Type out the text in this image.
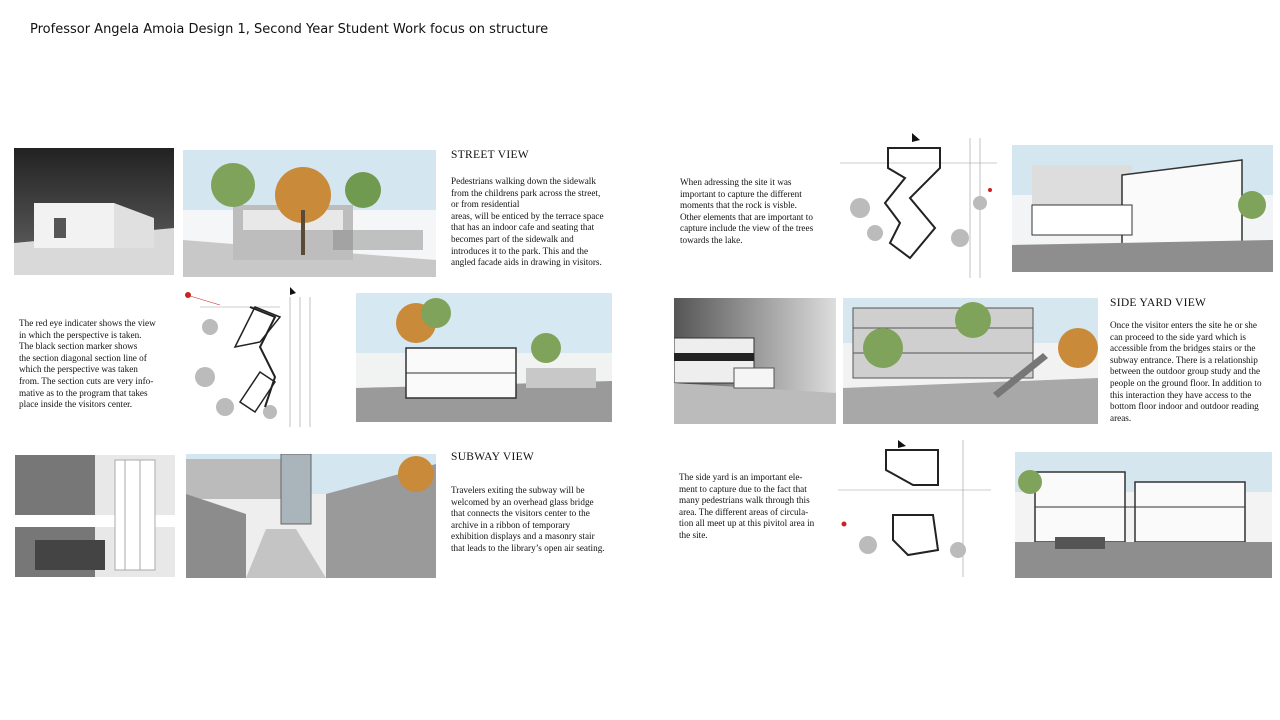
Professor Angela Amoia Design 1, Second Year Student Work focus on structure
STREET VIEW

Pedestrians walking down the sidewalk

from the childrens park across the street,

or from residential

areas, will be enticed by the terrace space

that has an indoor cafe and seating that

becomes part of the sidewalk and

introduces it to the park. This and the

angled facade aids in drawing in visitors.

The red eye indicater shows the view

in which the perspective is taken.

The black section marker shows

the section diagonal section line of

which the perspective was taken

from. The section cuts are very info-

mative as to the program that takes

place inside the visitors center.

SUBWAY VIEW

Travelers exiting the subway will be

welcomed by an overhead glass bridge

that connects the visitors center to the

archive in a ribbon of temporary

exhibition displays and a masonry stair

that leads to the library’s open air seating.

When adressing the site it was

important to capture the different

moments that the rock is visble.

Other elements that are important to

capture include the view of the trees

towards the lake.

SIDE YARD VIEW

Once the visitor enters the site he or she

can proceed to the side yard which is

accessible from the bridges stairs or the

subway entrance. There is a relationship

between the outdoor group study and the

people on the ground floor. In addition to

this interaction they have access to the

bottom floor indoor and outdoor reading

areas.

The side yard is an important ele-

ment to capture due to the fact that

many pedestrians walk through this

area. The different areas of circula-

tion all meet up at this pivitol area in

the site.
